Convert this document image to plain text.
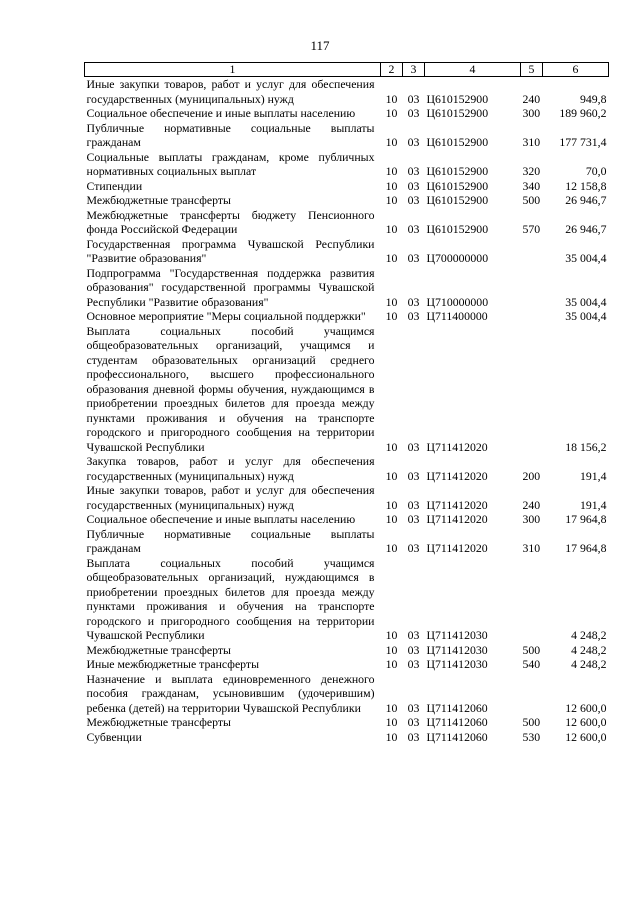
117
1	2	3	4	5	6
Иные закупки товаров, работ и услуг для обеспечения государственных (муниципальных) нужд	10	03	Ц610152900	240	949,8
Социальное обеспечение и иные выплаты населению	10	03	Ц610152900	300	189 960,2
Публичные нормативные социальные выплаты гражданам	10	03	Ц610152900	310	177 731,4
Социальные выплаты гражданам, кроме публичных нормативных социальных выплат	10	03	Ц610152900	320	70,0
Стипендии	10	03	Ц610152900	340	12 158,8
Межбюджетные трансферты	10	03	Ц610152900	500	26 946,7
Межбюджетные трансферты бюджету Пенсионного фонда Российской Федерации	10	03	Ц610152900	570	26 946,7
Государственная программа Чувашской Республики "Развитие образования"	10	03	Ц700000000		35 004,4
Подпрограмма "Государственная поддержка развития образования" государственной программы Чувашской Республики "Развитие образования"	10	03	Ц710000000		35 004,4
Основное мероприятие "Меры социальной поддержки"	10	03	Ц711400000		35 004,4
Выплата социальных пособий учащимся общеобразовательных организаций, учащимся и студентам образовательных организаций среднего профессионального, высшего профессионального образования дневной формы обучения, нуждающимся в приобретении проездных билетов для проезда между пунктами проживания и обучения на транспорте городского и пригородного сообщения на территории Чувашской Республики	10	03	Ц711412020		18 156,2
Закупка товаров, работ и услуг для обеспечения государственных (муниципальных) нужд	10	03	Ц711412020	200	191,4
Иные закупки товаров, работ и услуг для обеспечения государственных (муниципальных) нужд	10	03	Ц711412020	240	191,4
Социальное обеспечение и иные выплаты населению	10	03	Ц711412020	300	17 964,8
Публичные нормативные социальные выплаты гражданам	10	03	Ц711412020	310	17 964,8
Выплата социальных пособий учащимся общеобразовательных организаций, нуждающимся в приобретении проездных билетов для проезда между пунктами проживания и обучения на транспорте городского и пригородного сообщения на территории Чувашской Республики	10	03	Ц711412030		4 248,2
Межбюджетные трансферты	10	03	Ц711412030	500	4 248,2
Иные межбюджетные трансферты	10	03	Ц711412030	540	4 248,2
Назначение и выплата единовременного денежного пособия гражданам, усыновившим (удочерившим) ребенка (детей) на территории Чувашской Республики	10	03	Ц711412060		12 600,0
Межбюджетные трансферты	10	03	Ц711412060	500	12 600,0
Субвенции	10	03	Ц711412060	530	12 600,0
